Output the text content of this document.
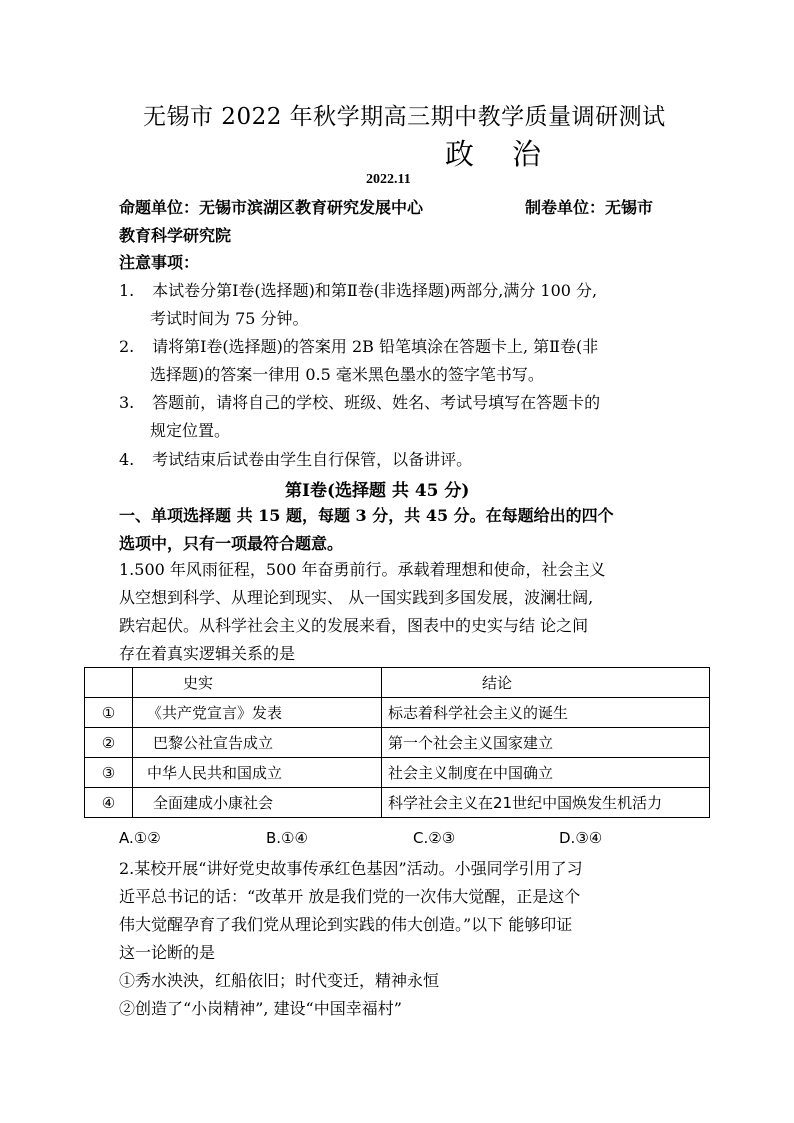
无锡市 2022 年秋学期高三期中教学质量调研测试
政治
2022.11
命题单位：无锡市滨湖区教育研究发展中心	制卷单位：无锡市
教育科学研究院
注意事项：
1. 本试卷分第Ⅰ卷(选择题)和第Ⅱ卷(非选择题)两部分,满分 100 分,
考试时间为 75 分钟。
2. 请将第Ⅰ卷(选择题)的答案用 2B 铅笔填涂在答题卡上, 第Ⅱ卷(非
选择题)的答案一律用 0.5 毫米黑色墨水的签字笔书写。
3. 答题前，请将自己的学校、班级、姓名、考试号填写在答题卡的
规定位置。
4. 考试结束后试卷由学生自行保管，以备讲评。
第Ⅰ卷(选择题 共 45 分)
一、单项选择题 共 15 题，每题 3 分，共 45 分。在每题给出的四个
选项中，只有一项最符合题意。
1.500 年风雨征程，500 年奋勇前行。承载着理想和使命，社会主义
从空想到科学、从理论到现实、 从一国实践到多国发展，波澜壮阔,
跌宕起伏。从科学社会主义的发展来看，图表中的史实与结 论之间
存在着真实逻辑关系的是
	史实	结论
①	《共产党宣言》发表	标志着科学社会主义的诞生
②	巴黎公社宣告成立	第一个社会主义国家建立
③	中华人民共和国成立	社会主义制度在中国确立
④	全面建成小康社会	科学社会主义在21世纪中国焕发生机活力
A.①②	B.①④	C.②③	D.③④
2.某校开展“讲好党史故事传承红色基因”活动。小强同学引用了习
近平总书记的话：“改革开 放是我们党的一次伟大觉醒，正是这个
伟大觉醒孕育了我们党从理论到实践的伟大创造。”以下 能够印证
这一论断的是
①秀水泱泱，红船依旧；时代变迁，精神永恒
②创造了“小岗精神”, 建设“中国幸福村”
